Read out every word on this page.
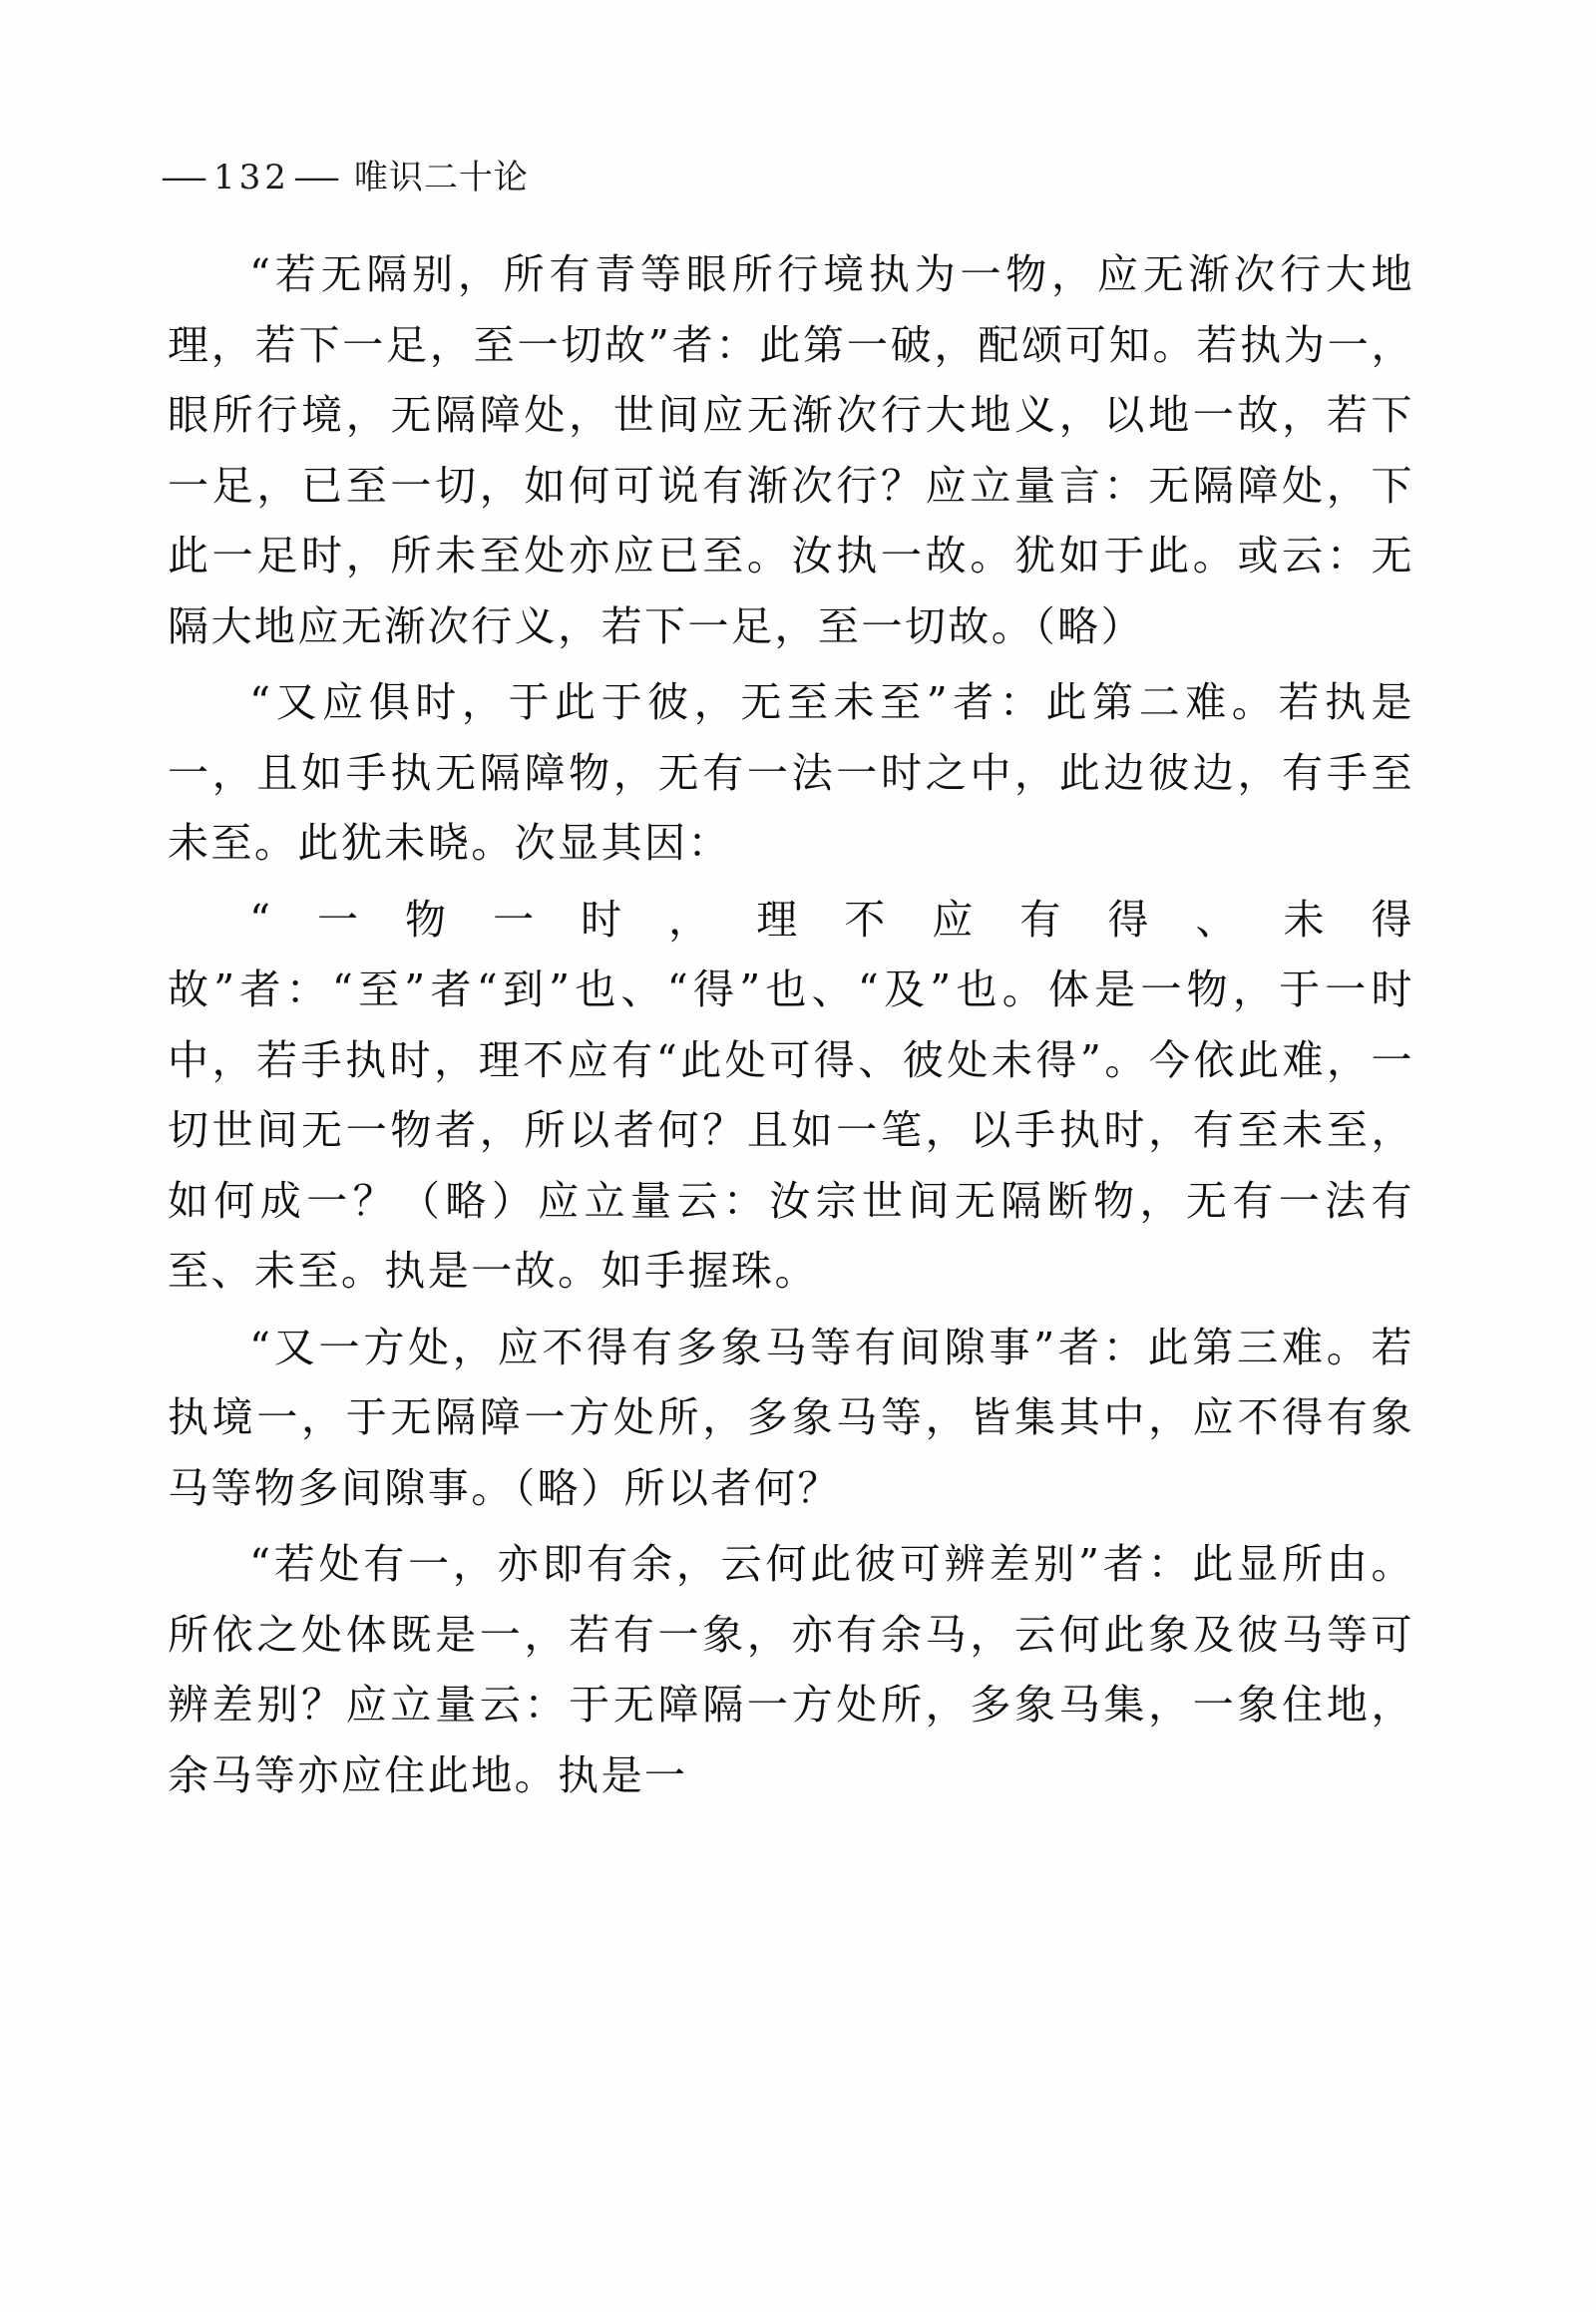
—132— 唯识二十论

“若无隔别，所有青等眼所行境执为一物，应无渐次行大地理，若下一足，至一切故”者：此第一破，配颂可知。若执为一，眼所行境，无隔障处，世间应无渐次行大地义，以地一故，若下一足，已至一切，如何可说有渐次行？应立量言：无隔障处，下此一足时，所未至处亦应已至。汝执一故。犹如于此。或云：无隔大地应无渐次行义，若下一足，至一切故。（略）

“又应俱时，于此于彼，无至未至”者：此第二难。若执是一，且如手执无隔障物，无有一法一时之中，此边彼边，有手至未至。此犹未晓。次显其因：

“一物一时，理不应有得、未得故”者：“至”者“到”也、“得”也、“及”也。体是一物，于一时中，若手执时，理不应有“此处可得、彼处未得”。今依此难，一切世间无一物者，所以者何？且如一笔，以手执时，有至未至，如何成一？（略）应立量云：汝宗世间无隔断物，无有一法有至、未至。执是一故。如手握珠。

“又一方处，应不得有多象马等有间隙事”者：此第三难。若执境一，于无隔障一方处所，多象马等，皆集其中，应不得有象马等物多间隙事。（略）所以者何？

“若处有一，亦即有余，云何此彼可辨差别”者：此显所由。所依之处体既是一，若有一象，亦有余马，云何此象及彼马等可辨差别？应立量云：于无障隔一方处所，多象马集，一象住地，余马等亦应住此地。执是一
